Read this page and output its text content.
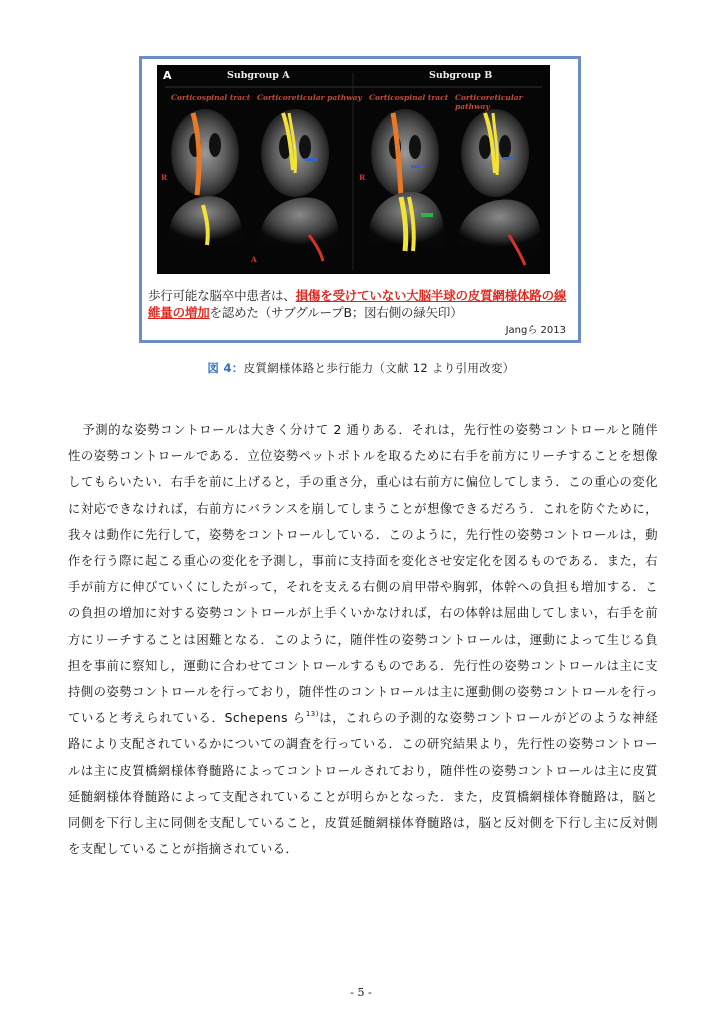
A	Subgroup A	Subgroup B
Corticospinal tract Corticoreticular pathway Corticospinal tract Corticoreticular pathway
R	R
A
歩行可能な脳卒中患者は、損傷を受けていない大脳半球の皮質網様体路の線維量の増加を認めた（サブグループB；図右側の緑矢印）
Jangら 2013
図 4：皮質網様体路と歩行能力（文献 12 より引用改変）

予測的な姿勢コントロールは大きく分けて 2 通りある．それは，先行性の姿勢コントロールと随伴性の姿勢コントロールである．立位姿勢ペットボトルを取るために右手を前方にリーチすることを想像してもらいたい．右手を前に上げると，手の重さ分，重心は右前方に偏位してしまう．この重心の変化に対応できなければ，右前方にバランスを崩してしまうことが想像できるだろう．これを防ぐために，我々は動作に先行して，姿勢をコントロールしている．このように，先行性の姿勢コントロールは，動作を行う際に起こる重心の変化を予測し，事前に支持面を変化させ安定化を図るものである．また，右手が前方に伸びていくにしたがって，それを支える右側の肩甲帯や胸郭，体幹への負担も増加する．この負担の増加に対する姿勢コントロールが上手くいかなければ，右の体幹は屈曲してしまい，右手を前方にリーチすることは困難となる．このように，随伴性の姿勢コントロールは，運動によって生じる負担を事前に察知し，運動に合わせてコントロールするものである．先行性の姿勢コントロールは主に支持側の姿勢コントロールを行っており，随伴性のコントロールは主に運動側の姿勢コントロールを行っていると考えられている．Schepens ら$^{13)}$は，これらの予測的な姿勢コントロールがどのような神経路により支配されているかについての調査を行っている．この研究結果より，先行性の姿勢コントロールは主に皮質橋網様体脊髄路によってコントロールされており，随伴性の姿勢コントロールは主に皮質延髄網様体脊髄路によって支配されていることが明らかとなった．また，皮質橋網様体脊髄路は，脳と同側を下行し主に同側を支配していること，皮質延髄網様体脊髄路は，脳と反対側を下行し主に反対側を支配していることが指摘されている．

- 5 -
